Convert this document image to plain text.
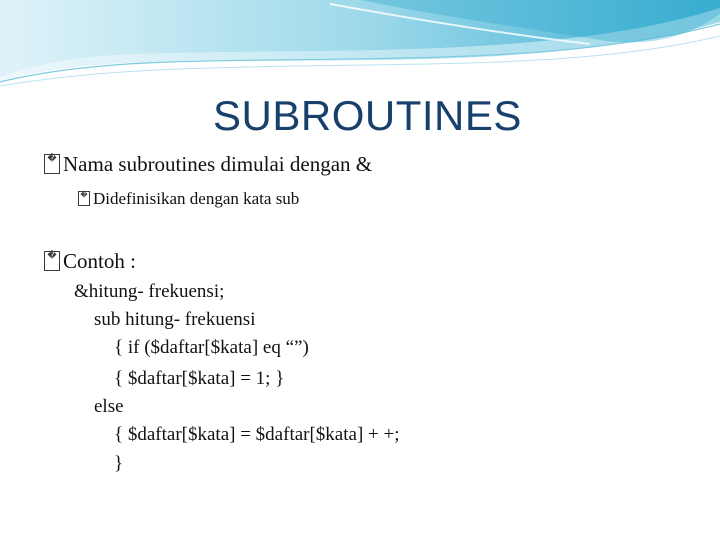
SUBROUTINES
� Nama subroutines dimulai dengan &
� Didefinisikan dengan kata sub
� Contoh :
&hitung- frekuensi;
sub hitung- frekuensi
{ if ($daftar[$kata] eq “”)
{ $daftar[$kata] = 1; }
else
{ $daftar[$kata] = $daftar[$kata] + +;
}
